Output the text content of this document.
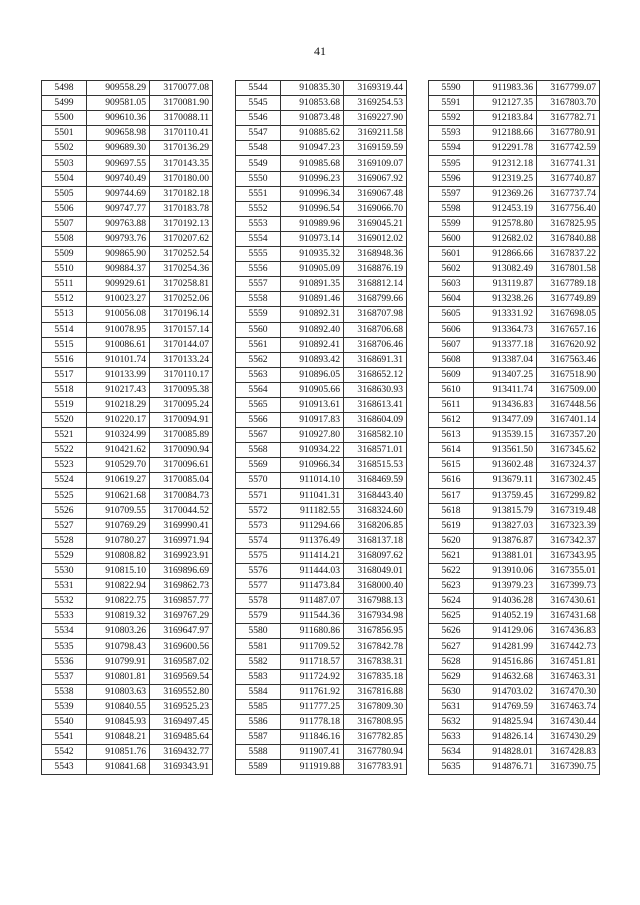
41
5498	909558.29	3170077.08
5499	909581.05	3170081.90
5500	909610.36	3170088.11
5501	909658.98	3170110.41
5502	909689.30	3170136.29
5503	909697.55	3170143.35
5504	909740.49	3170180.00
5505	909744.69	3170182.18
5506	909747.77	3170183.78
5507	909763.88	3170192.13
5508	909793.76	3170207.62
5509	909865.90	3170252.54
5510	909884.37	3170254.36
5511	909929.61	3170258.81
5512	910023.27	3170252.06
5513	910056.08	3170196.14
5514	910078.95	3170157.14
5515	910086.61	3170144.07
5516	910101.74	3170133.24
5517	910133.99	3170110.17
5518	910217.43	3170095.38
5519	910218.29	3170095.24
5520	910220.17	3170094.91
5521	910324.99	3170085.89
5522	910421.62	3170090.94
5523	910529.70	3170096.61
5524	910619.27	3170085.04
5525	910621.68	3170084.73
5526	910709.55	3170044.52
5527	910769.29	3169990.41
5528	910780.27	3169971.94
5529	910808.82	3169923.91
5530	910815.10	3169896.69
5531	910822.94	3169862.73
5532	910822.75	3169857.77
5533	910819.32	3169767.29
5534	910803.26	3169647.97
5535	910798.43	3169600.56
5536	910799.91	3169587.02
5537	910801.81	3169569.54
5538	910803.63	3169552.80
5539	910840.55	3169525.23
5540	910845.93	3169497.45
5541	910848.21	3169485.64
5542	910851.76	3169432.77
5543	910841.68	3169343.91
5544	910835.30	3169319.44
5545	910853.68	3169254.53
5546	910873.48	3169227.90
5547	910885.62	3169211.58
5548	910947.23	3169159.59
5549	910985.68	3169109.07
5550	910996.23	3169067.92
5551	910996.34	3169067.48
5552	910996.54	3169066.70
5553	910989.96	3169045.21
5554	910973.14	3169012.02
5555	910935.32	3168948.36
5556	910905.09	3168876.19
5557	910891.35	3168812.14
5558	910891.46	3168799.66
5559	910892.31	3168707.98
5560	910892.40	3168706.68
5561	910892.41	3168706.46
5562	910893.42	3168691.31
5563	910896.05	3168652.12
5564	910905.66	3168630.93
5565	910913.61	3168613.41
5566	910917.83	3168604.09
5567	910927.80	3168582.10
5568	910934.22	3168571.01
5569	910966.34	3168515.53
5570	911014.10	3168469.59
5571	911041.31	3168443.40
5572	911182.55	3168324.60
5573	911294.66	3168206.85
5574	911376.49	3168137.18
5575	911414.21	3168097.62
5576	911444.03	3168049.01
5577	911473.84	3168000.40
5578	911487.07	3167988.13
5579	911544.36	3167934.98
5580	911680.86	3167856.95
5581	911709.52	3167842.78
5582	911718.57	3167838.31
5583	911724.92	3167835.18
5584	911761.92	3167816.88
5585	911777.25	3167809.30
5586	911778.18	3167808.95
5587	911846.16	3167782.85
5588	911907.41	3167780.94
5589	911919.88	3167783.91
5590	911983.36	3167799.07
5591	912127.35	3167803.70
5592	912183.84	3167782.71
5593	912188.66	3167780.91
5594	912291.78	3167742.59
5595	912312.18	3167741.31
5596	912319.25	3167740.87
5597	912369.26	3167737.74
5598	912453.19	3167756.40
5599	912578.80	3167825.95
5600	912682.02	3167840.88
5601	912866.66	3167837.22
5602	913082.49	3167801.58
5603	913119.87	3167789.18
5604	913238.26	3167749.89
5605	913331.92	3167698.05
5606	913364.73	3167657.16
5607	913377.18	3167620.92
5608	913387.04	3167563.46
5609	913407.25	3167518.90
5610	913411.74	3167509.00
5611	913436.83	3167448.56
5612	913477.09	3167401.14
5613	913539.15	3167357.20
5614	913561.50	3167345.62
5615	913602.48	3167324.37
5616	913679.11	3167302.45
5617	913759.45	3167299.82
5618	913815.79	3167319.48
5619	913827.03	3167323.39
5620	913876.87	3167342.37
5621	913881.01	3167343.95
5622	913910.06	3167355.01
5623	913979.23	3167399.73
5624	914036.28	3167430.61
5625	914052.19	3167431.68
5626	914129.06	3167436.83
5627	914281.99	3167442.73
5628	914516.86	3167451.81
5629	914632.68	3167463.31
5630	914703.02	3167470.30
5631	914769.59	3167463.74
5632	914825.94	3167430.44
5633	914826.14	3167430.29
5634	914828.01	3167428.83
5635	914876.71	3167390.75
